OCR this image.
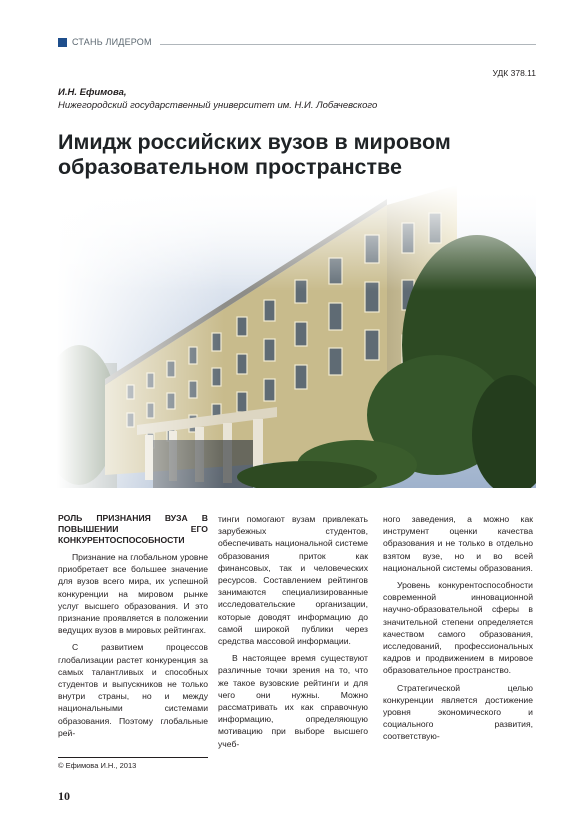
СТАНЬ ЛИДЕРОМ
УДК 378.11
И.Н. Ефимова,
Нижегородский государственный университет им. Н.И. Лобачевского
Имидж российских вузов в мировом образовательном пространстве

РОЛЬ ПРИЗНАНИЯ ВУЗА В ПОВЫШЕНИИ ЕГО КОНКУРЕНТОСПОСОБНОСТИ

Признание на глобальном уровне приобретает все большее значение для вузов всего мира, их успешной конкуренции на мировом рынке услуг высшего образования. И это признание проявляется в положении ведущих вузов в мировых рейтингах.

С развитием процессов глобализации растет конкуренция за самых талантливых и способных студентов и выпускников не только внутри страны, но и между национальными системами образования. Поэтому глобальные рей-

тинги помогают вузам привлекать зарубежных студентов, обеспечивать национальной системе образования приток как финансовых, так и человеческих ресурсов. Составлением рейтингов занимаются специализированные исследовательские организации, которые доводят информацию до самой широкой публики через средства массовой информации.

В настоящее время существуют различные точки зрения на то, что же такое вузовские рейтинги и для чего они нужны. Можно рассматривать их как справочную информацию, определяющую мотивацию при выборе высшего учеб-

ного заведения, а можно как инструмент оценки качества образования и не только в отдельно взятом вузе, но и во всей национальной системы образования.

Уровень конкурентоспособности современной инновационной научно-образовательной сферы в значительной степени определяется качеством самого образования, исследований, профессиональных кадров и продвижением в мировое образовательное пространство.

Стратегической целью конкуренции является достижение уровня экономического и социального развития, соответствую-

© Ефимова И.Н., 2013
10
